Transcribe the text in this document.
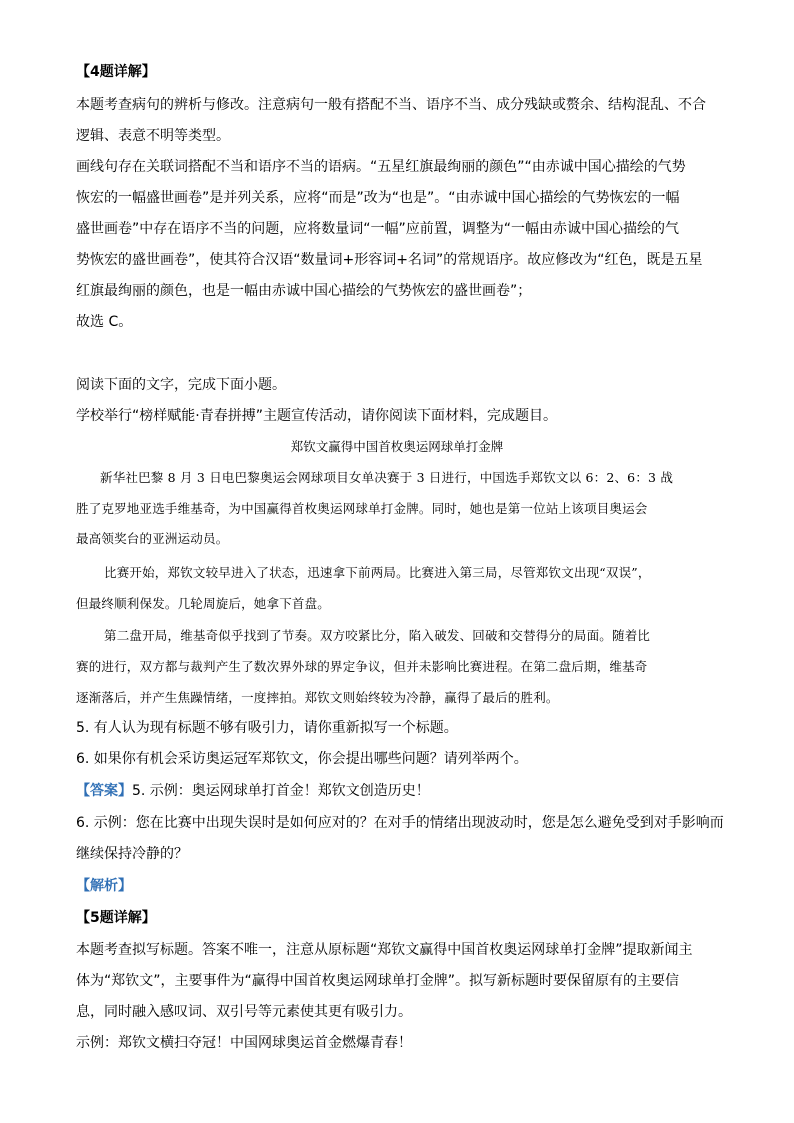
【4题详解】
本题考查病句的辨析与修改。注意病句一般有搭配不当、语序不当、成分残缺或赘余、结构混乱、不合
逻辑、表意不明等类型。
画线句存在关联词搭配不当和语序不当的语病。“五星红旗最绚丽的颜色”“由赤诚中国心描绘的气势
恢宏的一幅盛世画卷”是并列关系，应将“而是”改为“也是”。“由赤诚中国心描绘的气势恢宏的一幅
盛世画卷”中存在语序不当的问题，应将数量词“一幅”应前置，调整为“一幅由赤诚中国心描绘的气
势恢宏的盛世画卷”，使其符合汉语“数量词+形容词+名词”的常规语序。故应修改为“红色，既是五星
红旗最绚丽的颜色，也是一幅由赤诚中国心描绘的气势恢宏的盛世画卷”；
故选 C。
阅读下面的文字，完成下面小题。
学校举行“榜样赋能·青春拼搏”主题宣传活动，请你阅读下面材料，完成题目。
郑钦文赢得中国首枚奥运网球单打金牌
新华社巴黎 8 月 3 日电巴黎奥运会网球项目女单决赛于 3 日进行，中国选手郑钦文以 6：2、6：3 战
胜了克罗地亚选手维基奇，为中国赢得首枚奥运网球单打金牌。同时，她也是第一位站上该项目奥运会
最高领奖台的亚洲运动员。
比赛开始，郑钦文较早进入了状态，迅速拿下前两局。比赛进入第三局，尽管郑钦文出现“双误”，
但最终顺利保发。几轮周旋后，她拿下首盘。
第二盘开局，维基奇似乎找到了节奏。双方咬紧比分，陷入破发、回破和交替得分的局面。随着比
赛的进行，双方都与裁判产生了数次界外球的界定争议，但并未影响比赛进程。在第二盘后期，维基奇
逐渐落后，并产生焦躁情绪，一度摔拍。郑钦文则始终较为冷静，赢得了最后的胜利。
5. 有人认为现有标题不够有吸引力，请你重新拟写一个标题。
6. 如果你有机会采访奥运冠军郑钦文，你会提出哪些问题？请列举两个。
【答案】5. 示例：奥运网球单打首金！郑钦文创造历史！
6. 示例：您在比赛中出现失误时是如何应对的？在对手的情绪出现波动时，您是怎么避免受到对手影响而
继续保持冷静的？
【解析】
【5题详解】
本题考查拟写标题。答案不唯一，注意从原标题“郑钦文赢得中国首枚奥运网球单打金牌”提取新闻主
体为“郑钦文”，主要事件为“赢得中国首枚奥运网球单打金牌”。拟写新标题时要保留原有的主要信
息，同时融入感叹词、双引号等元素使其更有吸引力。
示例：郑钦文横扫夺冠！中国网球奥运首金燃爆青春！
